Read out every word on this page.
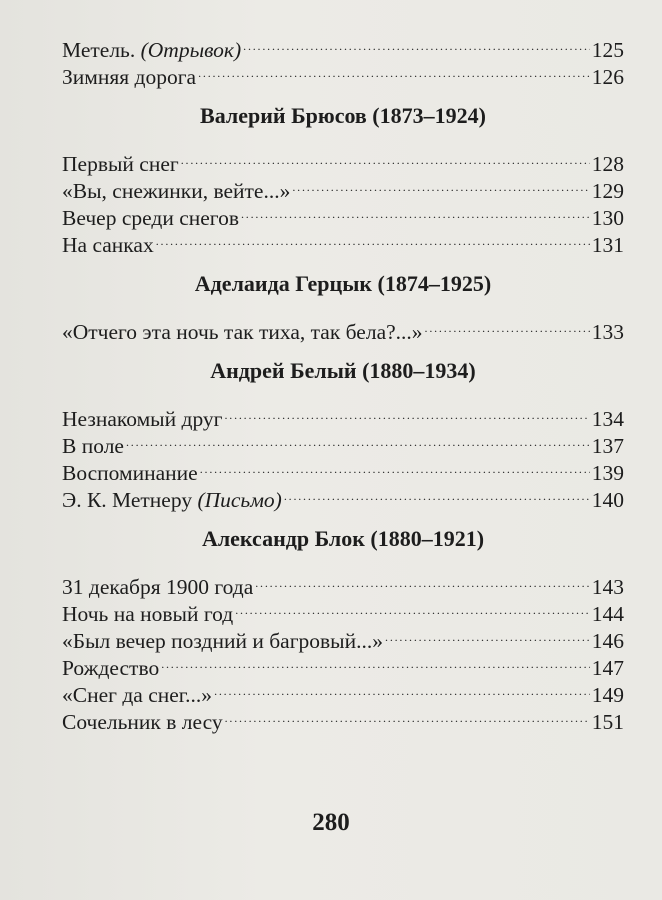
Метель. (Отрывок) . . .	125
Зимняя дорога . . .	126
Валерий Брюсов (1873–1924)
Первый снег . . .	128
«Вы, снежинки, вейте...» . . .	129
Вечер среди снегов . . .	130
На санках . . .	131
Аделаида Герцык (1874–1925)
«Отчего эта ночь так тиха, так бела?...» . . .	133
Андрей Белый (1880–1934)
Незнакомый друг . . .	134
В поле . . .	137
Воспоминание . . .	139
Э. К. Метнеру (Письмо) . . .	140
Александр Блок (1880–1921)
31 декабря 1900 года . . .	143
Ночь на новый год . . .	144
«Был вечер поздний и багровый...» . . .	146
Рождество . . .	147
«Снег да снег...» . . .	149
Сочельник в лесу . . .	151
280
